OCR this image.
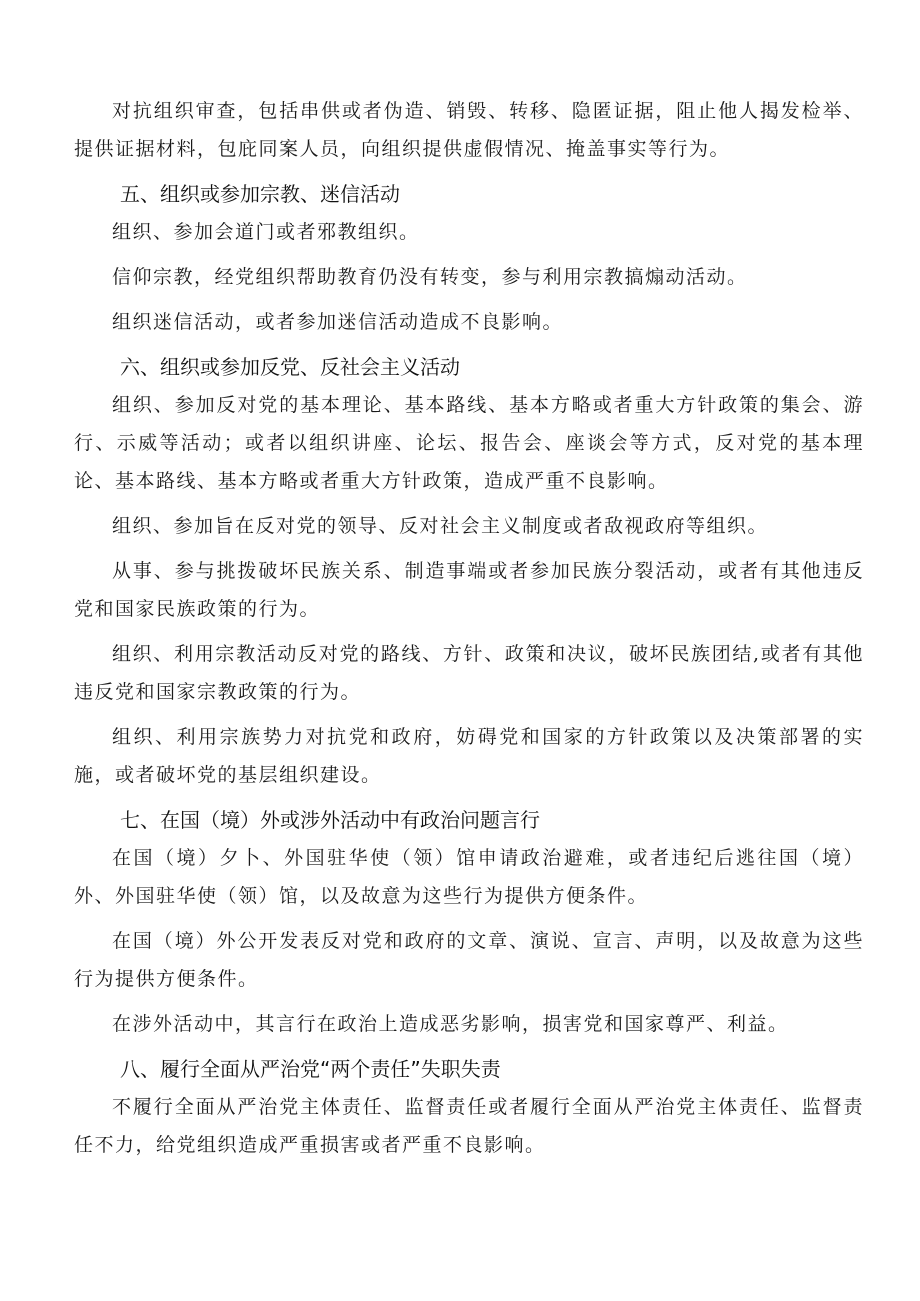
对抗组织审查，包括串供或者伪造、销毁、转移、隐匿证据，阻止他人揭发检举、提供证据材料，包庇同案人员，向组织提供虚假情况、掩盖事实等行为。

五、组织或参加宗教、迷信活动

组织、参加会道门或者邪教组织。

信仰宗教，经党组织帮助教育仍没有转变，参与利用宗教搞煽动活动。

组织迷信活动，或者参加迷信活动造成不良影响。

六、组织或参加反党、反社会主义活动

组织、参加反对党的基本理论、基本路线、基本方略或者重大方针政策的集会、游行、示威等活动；或者以组织讲座、论坛、报告会、座谈会等方式，反对党的基本理论、基本路线、基本方略或者重大方针政策，造成严重不良影响。

组织、参加旨在反对党的领导、反对社会主义制度或者敌视政府等组织。

从事、参与挑拨破坏民族关系、制造事端或者参加民族分裂活动，或者有其他违反党和国家民族政策的行为。

组织、利用宗教活动反对党的路线、方针、政策和决议，破坏民族团结,或者有其他违反党和国家宗教政策的行为。

组织、利用宗族势力对抗党和政府，妨碍党和国家的方针政策以及决策部署的实施，或者破坏党的基层组织建设。

七、在国（境）外或涉外活动中有政治问题言行

在国（境）夕卜、外国驻华使（领）馆申请政治避难，或者违纪后逃往国（境）外、外国驻华使（领）馆，以及故意为这些行为提供方便条件。

在国（境）外公开发表反对党和政府的文章、演说、宣言、声明，以及故意为这些行为提供方便条件。

在涉外活动中，其言行在政治上造成恶劣影响，损害党和国家尊严、利益。

八、履行全面从严治党“两个责任”失职失责

不履行全面从严治党主体责任、监督责任或者履行全面从严治党主体责任、监督责任不力，给党组织造成严重损害或者严重不良影响。
